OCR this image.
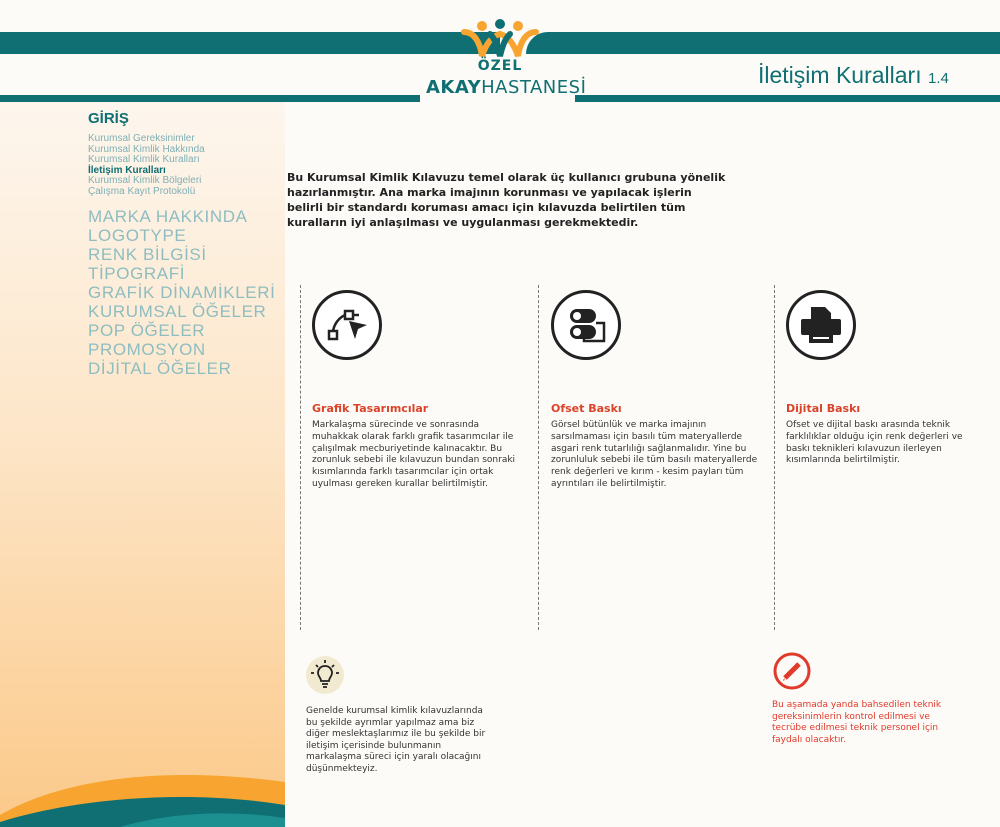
ÖZEL
AKAYHASTANESİ	İletişim Kuralları 1.4
GİRİŞ
Kurumsal Gereksinimler
Kurumsal Kimlik Hakkında
Kurumsal Kimlik Kuralları
İletişim Kuralları
Kurumsal Kimlik Bölgeleri
Çalışma Kayıt Protokolü
MARKA HAKKINDA
LOGOTYPE
RENK BİLGİSİ
TİPOGRAFİ
GRAFİK DİNAMİKLERİ
KURUMSAL ÖĞELER
POP ÖĞELER
PROMOSYON
DİJİTAL ÖĞELER
Bu Kurumsal Kimlik Kılavuzu temel olarak üç kullanıcı grubuna yönelik hazırlanmıştır. Ana marka imajının korunması ve yapılacak işlerin belirli bir standardı koruması amacı için kılavuzda belirtilen tüm kuralların iyi anlaşılması ve uygulanması gerekmektedir.
Grafik Tasarımcılar
Markalaşma sürecinde ve sonrasında muhakkak olarak farklı grafik tasarımcılar ile çalışılmak mecburiyetinde kalınacaktır. Bu zorunluk sebebi ile kılavuzun bundan sonraki kısımlarında farklı tasarımcılar için ortak uyulması gereken kurallar belirtilmiştir.
Ofset Baskı
Görsel bütünlük ve marka imajının sarsılmaması için basılı tüm materyallerde asgari renk tutarlılığı sağlanmalıdır. Yine bu zorunluluk sebebi ile tüm basılı materyallerde renk değerleri ve kırım - kesim payları tüm ayrıntıları ile belirtilmiştir.
Dijital Baskı
Ofset ve dijital baskı arasında teknik farklılıklar olduğu için renk değerleri ve baskı teknikleri kılavuzun ilerleyen kısımlarında belirtilmiştir.
Genelde kurumsal kimlik kılavuzlarında bu şekilde ayrımlar yapılmaz ama biz diğer meslektaşlarımız ile bu şekilde bir iletişim içerisinde bulunmanın markalaşma süreci için yaralı olacağını düşünmekteyiz.
Bu aşamada yanda bahsedilen teknik gereksinimlerin kontrol edilmesi ve tecrübe edilmesi teknik personel için faydalı olacaktır.
